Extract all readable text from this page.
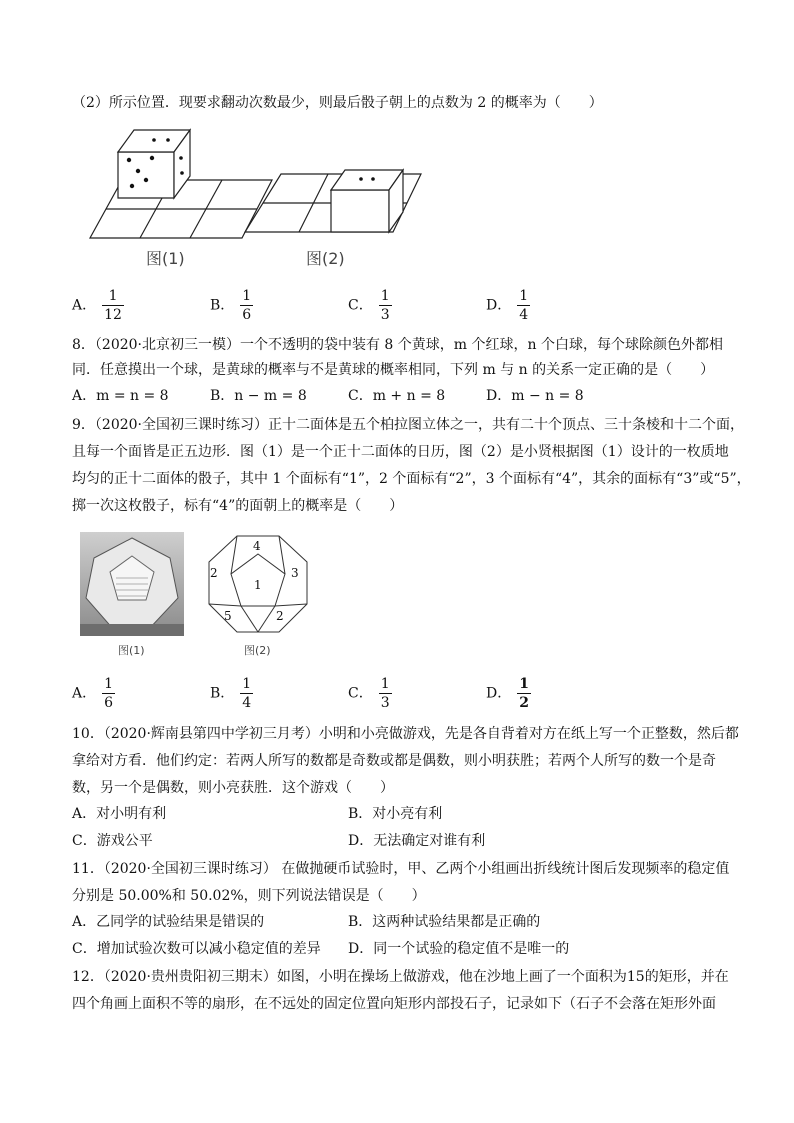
（2）所示位置．现要求翻动次数最少，则最后骰子朝上的点数为 2 的概率为（　　）
图(1)	图(2)
A． $\frac{1}{12}$	B． $\frac{1}{6}$	C． $\frac{1}{3}$	D． $\frac{1}{4}$
8．（2020·北京初三一模）一个不透明的袋中装有 8 个黄球，m 个红球，n 个白球，每个球除颜色外都相
同．任意摸出一个球，是黄球的概率与不是黄球的概率相同，下列 m 与 n 的关系一定正确的是（　　）
A．m = n = 8	B．n − m = 8	C．m + n = 8	D．m − n = 8
9．（2020·全国初三课时练习）正十二面体是五个柏拉图立体之一，共有二十个顶点、三十条棱和十二个面，
且每一个面皆是正五边形．图（1）是一个正十二面体的日历，图（2）是小贤根据图（1）设计的一枚质地
均匀的正十二面体的骰子，其中 1 个面标有“1”，2 个面标有“2”，3 个面标有“4”，其余的面标有“3”或“5”，
掷一次这枚骰子，标有“4”的面朝上的概率是（　　）
图(1)
4
2
1
3
5	2
图(2)
A． $\frac{1}{6}$	B． $\frac{1}{4}$	C． $\frac{1}{3}$	D． $\frac{1}{2}$
10．（2020·辉南县第四中学初三月考）小明和小亮做游戏，先是各自背着对方在纸上写一个正整数，然后都
拿给对方看．他们约定：若两人所写的数都是奇数或都是偶数，则小明获胜；若两个人所写的数一个是奇
数，另一个是偶数，则小亮获胜．这个游戏（　　）
A．对小明有利	B．对小亮有利
C．游戏公平	D．无法确定对谁有利
11．（2020·全国初三课时练习） 在做抛硬币试验时，甲、乙两个小组画出折线统计图后发现频率的稳定值
分别是 50.00%和 50.02%，则下列说法错误是（　　）
A．乙同学的试验结果是错误的	B．这两种试验结果都是正确的
C．增加试验次数可以减小稳定值的差异 D．同一个试验的稳定值不是唯一的
12．（2020·贵州贵阳初三期末）如图，小明在操场上做游戏，他在沙地上画了一个面积为15的矩形，并在
四个角画上面积不等的扇形，在不远处的固定位置向矩形内部投石子，记录如下（石子不会落在矩形外面
